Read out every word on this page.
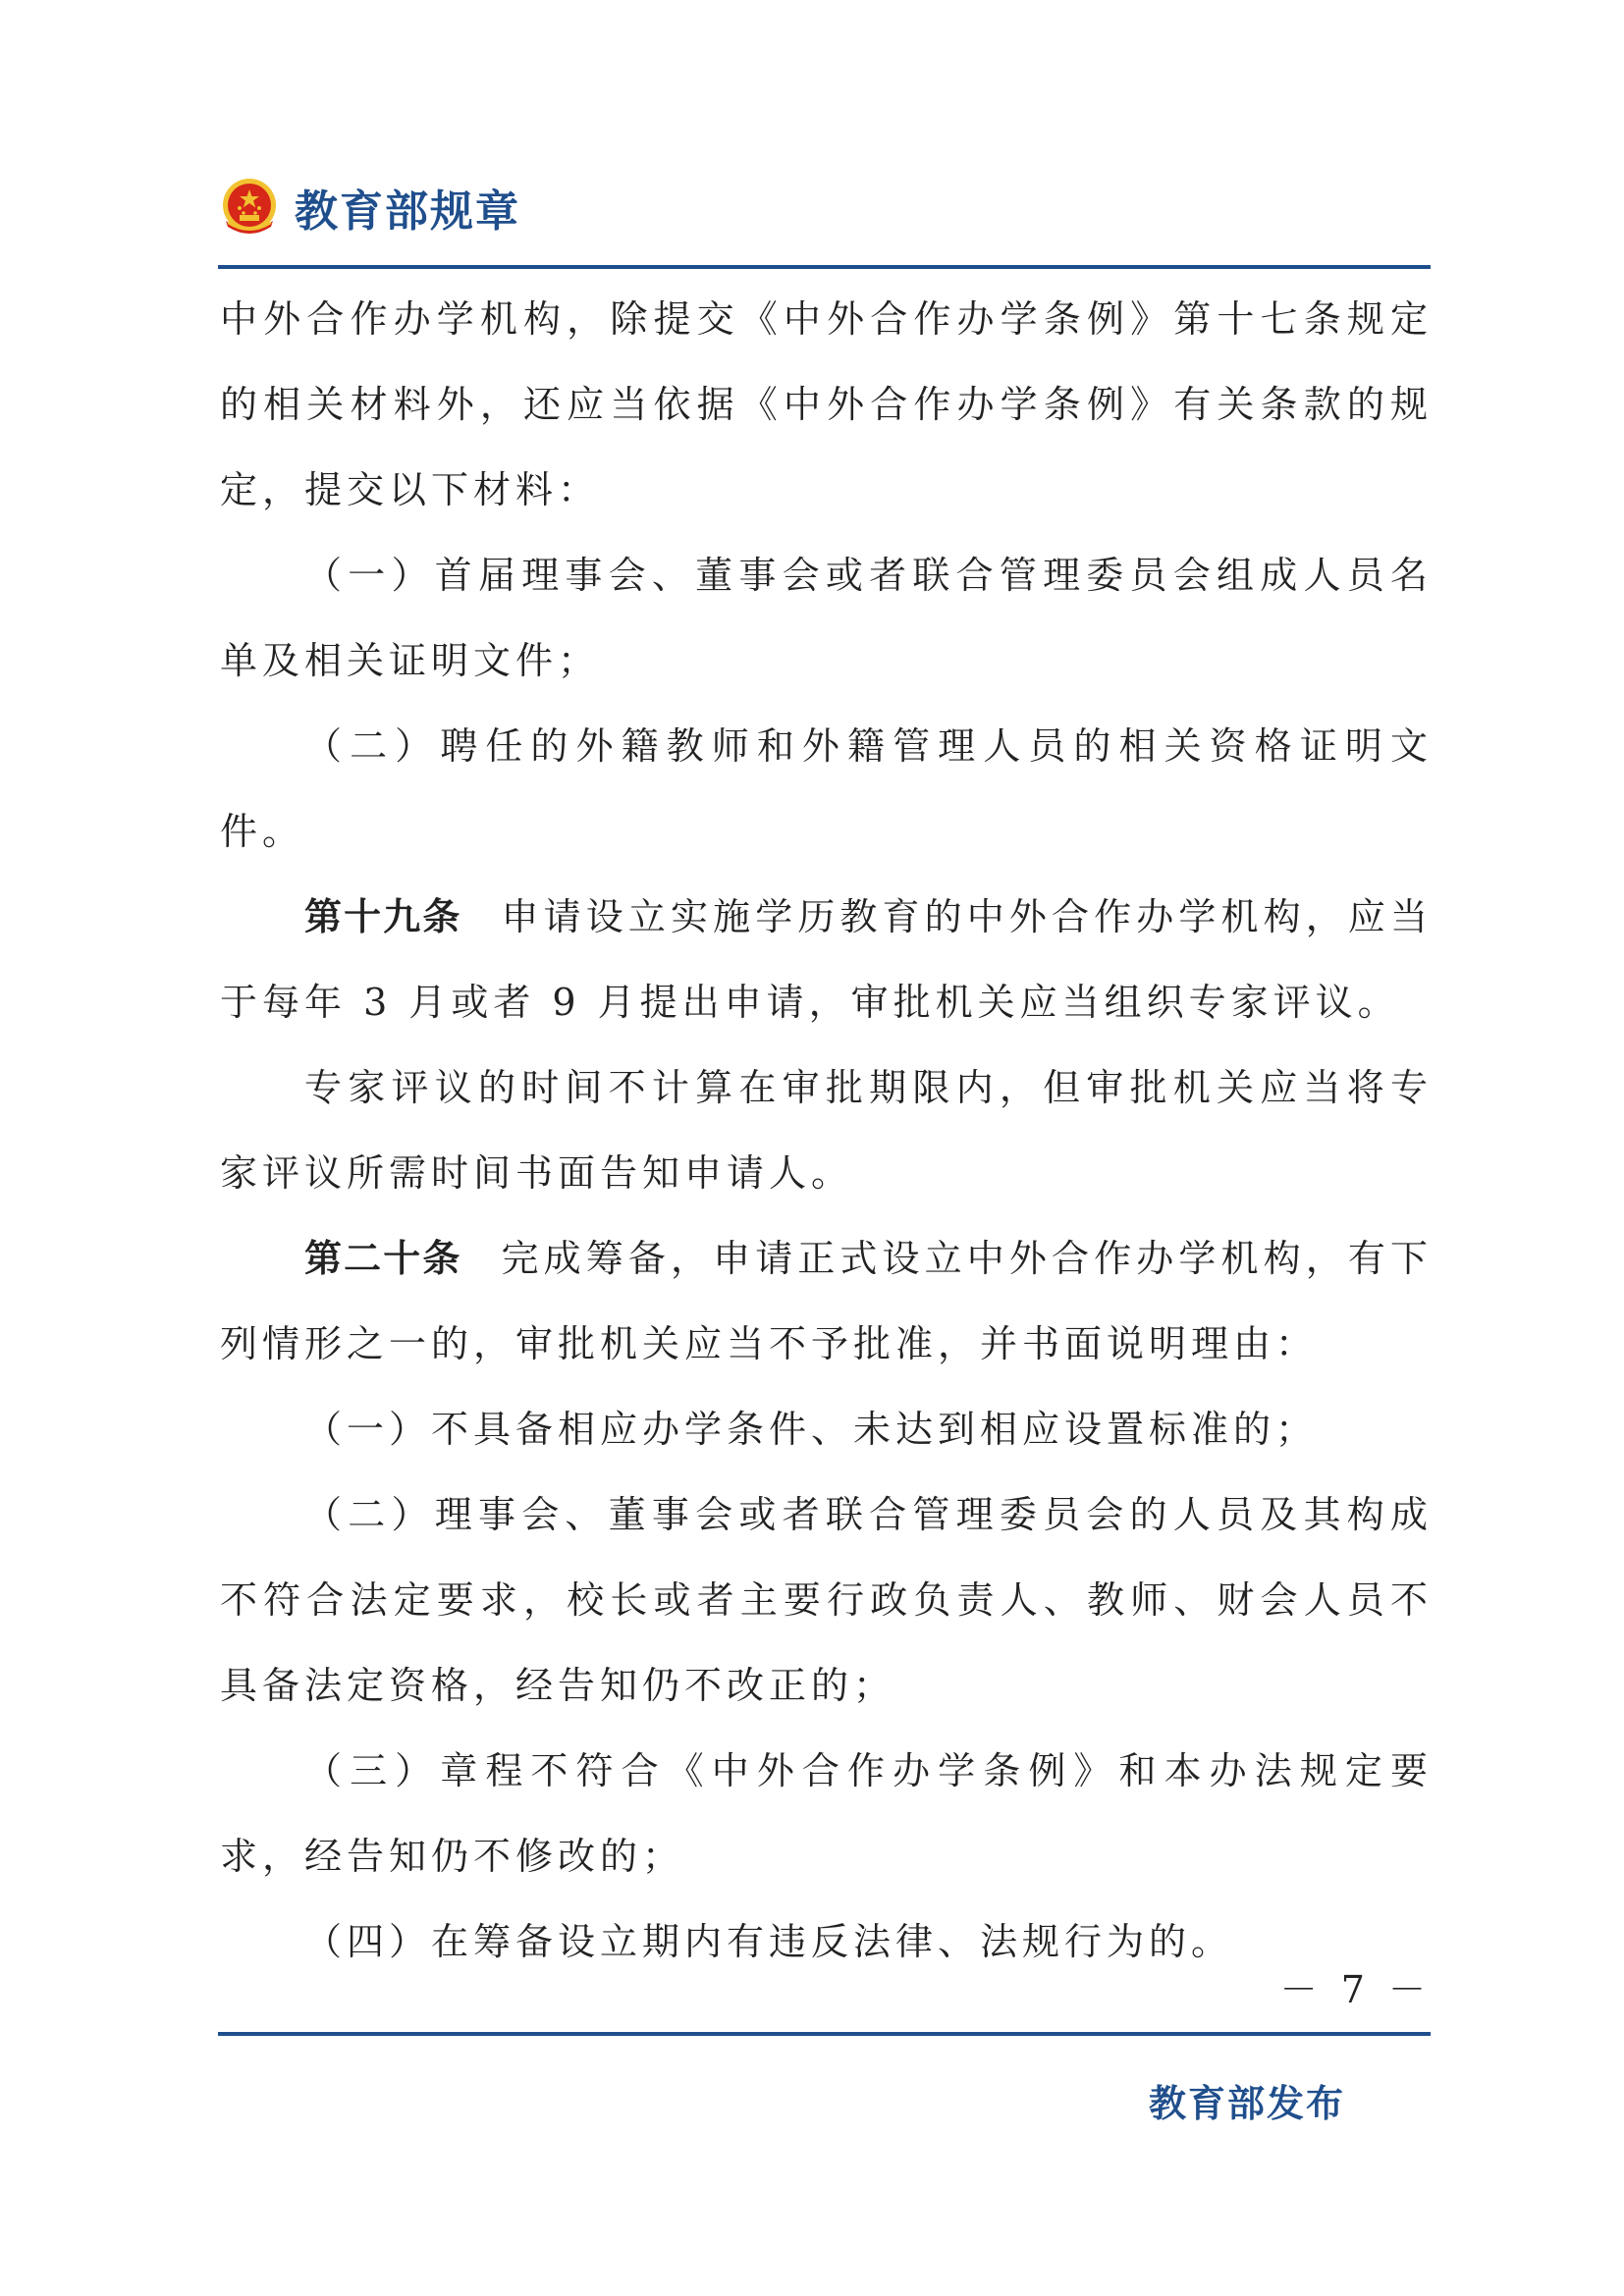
教育部规章

中外合作办学机构，除提交《中外合作办学条例》第十七条规定的相关材料外，还应当依据《中外合作办学条例》有关条款的规定，提交以下材料：

（一）首届理事会、董事会或者联合管理委员会组成人员名单及相关证明文件；

（二）聘任的外籍教师和外籍管理人员的相关资格证明文件。

第十九条 申请设立实施学历教育的中外合作办学机构，应当于每年 3 月或者 9 月提出申请，审批机关应当组织专家评议。

专家评议的时间不计算在审批期限内，但审批机关应当将专家评议所需时间书面告知申请人。

第二十条 完成筹备，申请正式设立中外合作办学机构，有下列情形之一的，审批机关应当不予批准，并书面说明理由：

（一）不具备相应办学条件、未达到相应设置标准的；

（二）理事会、董事会或者联合管理委员会的人员及其构成不符合法定要求，校长或者主要行政负责人、教师、财会人员不具备法定资格，经告知仍不改正的；

（三）章程不符合《中外合作办学条例》和本办法规定要求，经告知仍不修改的；

（四）在筹备设立期内有违反法律、法规行为的。

－ 7 －
教育部发布
